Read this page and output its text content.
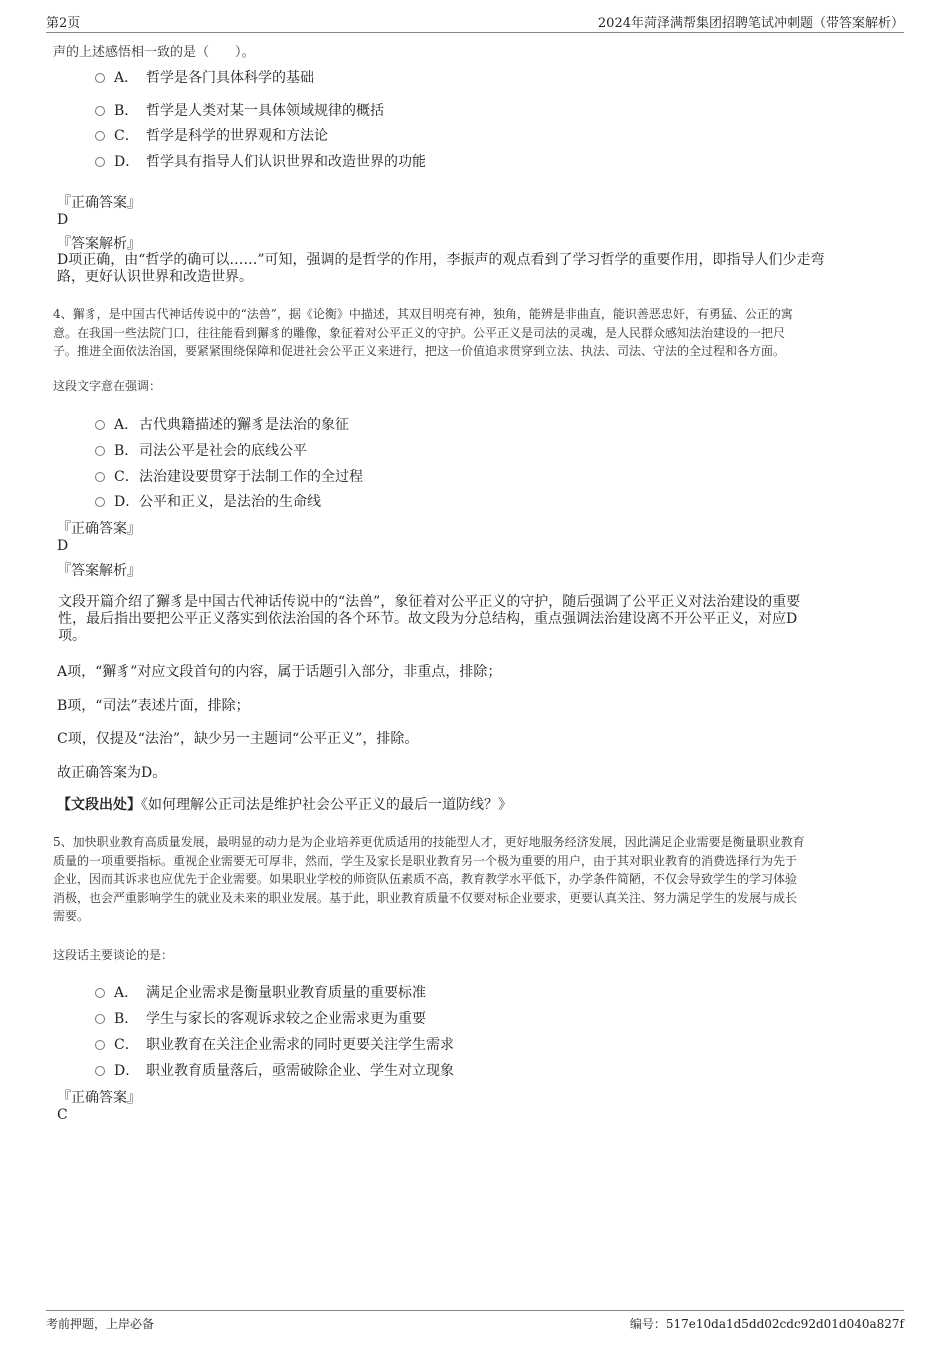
第2页	2024年菏泽满帮集团招聘笔试冲刺题（带答案解析）
声的上述感悟相一致的是（　　）。
A． 哲学是各门具体科学的基础
B． 哲学是人类对某一具体领域规律的概括
C． 哲学是科学的世界观和方法论
D． 哲学具有指导人们认识世界和改造世界的功能
『正确答案』
D
『答案解析』
D项正确，由“哲学的确可以……”可知，强调的是哲学的作用，李振声的观点看到了学习哲学的重要作用，即指导人们少走弯
路，更好认识世界和改造世界。
4、獬豸，是中国古代神话传说中的“法兽”，据《论衡》中描述，其双目明亮有神，独角，能辨是非曲直，能识善恶忠奸，有勇猛、公正的寓
意。在我国一些法院门口，往往能看到獬豸的雕像，象征着对公平正义的守护。公平正义是司法的灵魂，是人民群众感知法治建设的一把尺
子。推进全面依法治国，要紧紧围绕保障和促进社会公平正义来进行，把这一价值追求贯穿到立法、执法、司法、守法的全过程和各方面。
这段文字意在强调：
A．古代典籍描述的獬豸是法治的象征
B．司法公平是社会的底线公平
C．法治建设要贯穿于法制工作的全过程
D．公平和正义，是法治的生命线
『正确答案』
D
『答案解析』
文段开篇介绍了獬豸是中国古代神话传说中的“法兽”，象征着对公平正义的守护，随后强调了公平正义对法治建设的重要
性，最后指出要把公平正义落实到依法治国的各个环节。故文段为分总结构，重点强调法治建设离不开公平正义，对应D
项。
A项，“獬豸”对应文段首句的内容，属于话题引入部分，非重点，排除；
B项，“司法”表述片面，排除；
C项，仅提及“法治”，缺少另一主题词“公平正义”，排除。
故正确答案为D。
【文段出处】《如何理解公正司法是维护社会公平正义的最后一道防线？》
5、加快职业教育高质量发展，最明显的动力是为企业培养更优质适用的技能型人才，更好地服务经济发展，因此满足企业需要是衡量职业教育
质量的一项重要指标。重视企业需要无可厚非，然而，学生及家长是职业教育另一个极为重要的用户，由于其对职业教育的消费选择行为先于
企业，因而其诉求也应优先于企业需要。如果职业学校的师资队伍素质不高，教育教学水平低下，办学条件简陋，不仅会导致学生的学习体验
消极，也会严重影响学生的就业及未来的职业发展。基于此，职业教育质量不仅要对标企业要求，更要认真关注、努力满足学生的发展与成长
需要。
这段话主要谈论的是：
A． 满足企业需求是衡量职业教育质量的重要标准
B． 学生与家长的客观诉求较之企业需求更为重要
C． 职业教育在关注企业需求的同时更要关注学生需求
D． 职业教育质量落后，亟需破除企业、学生对立现象
『正确答案』
C
考前押题，上岸必备	编号：517e10da1d5dd02cdc92d01d040a827f
